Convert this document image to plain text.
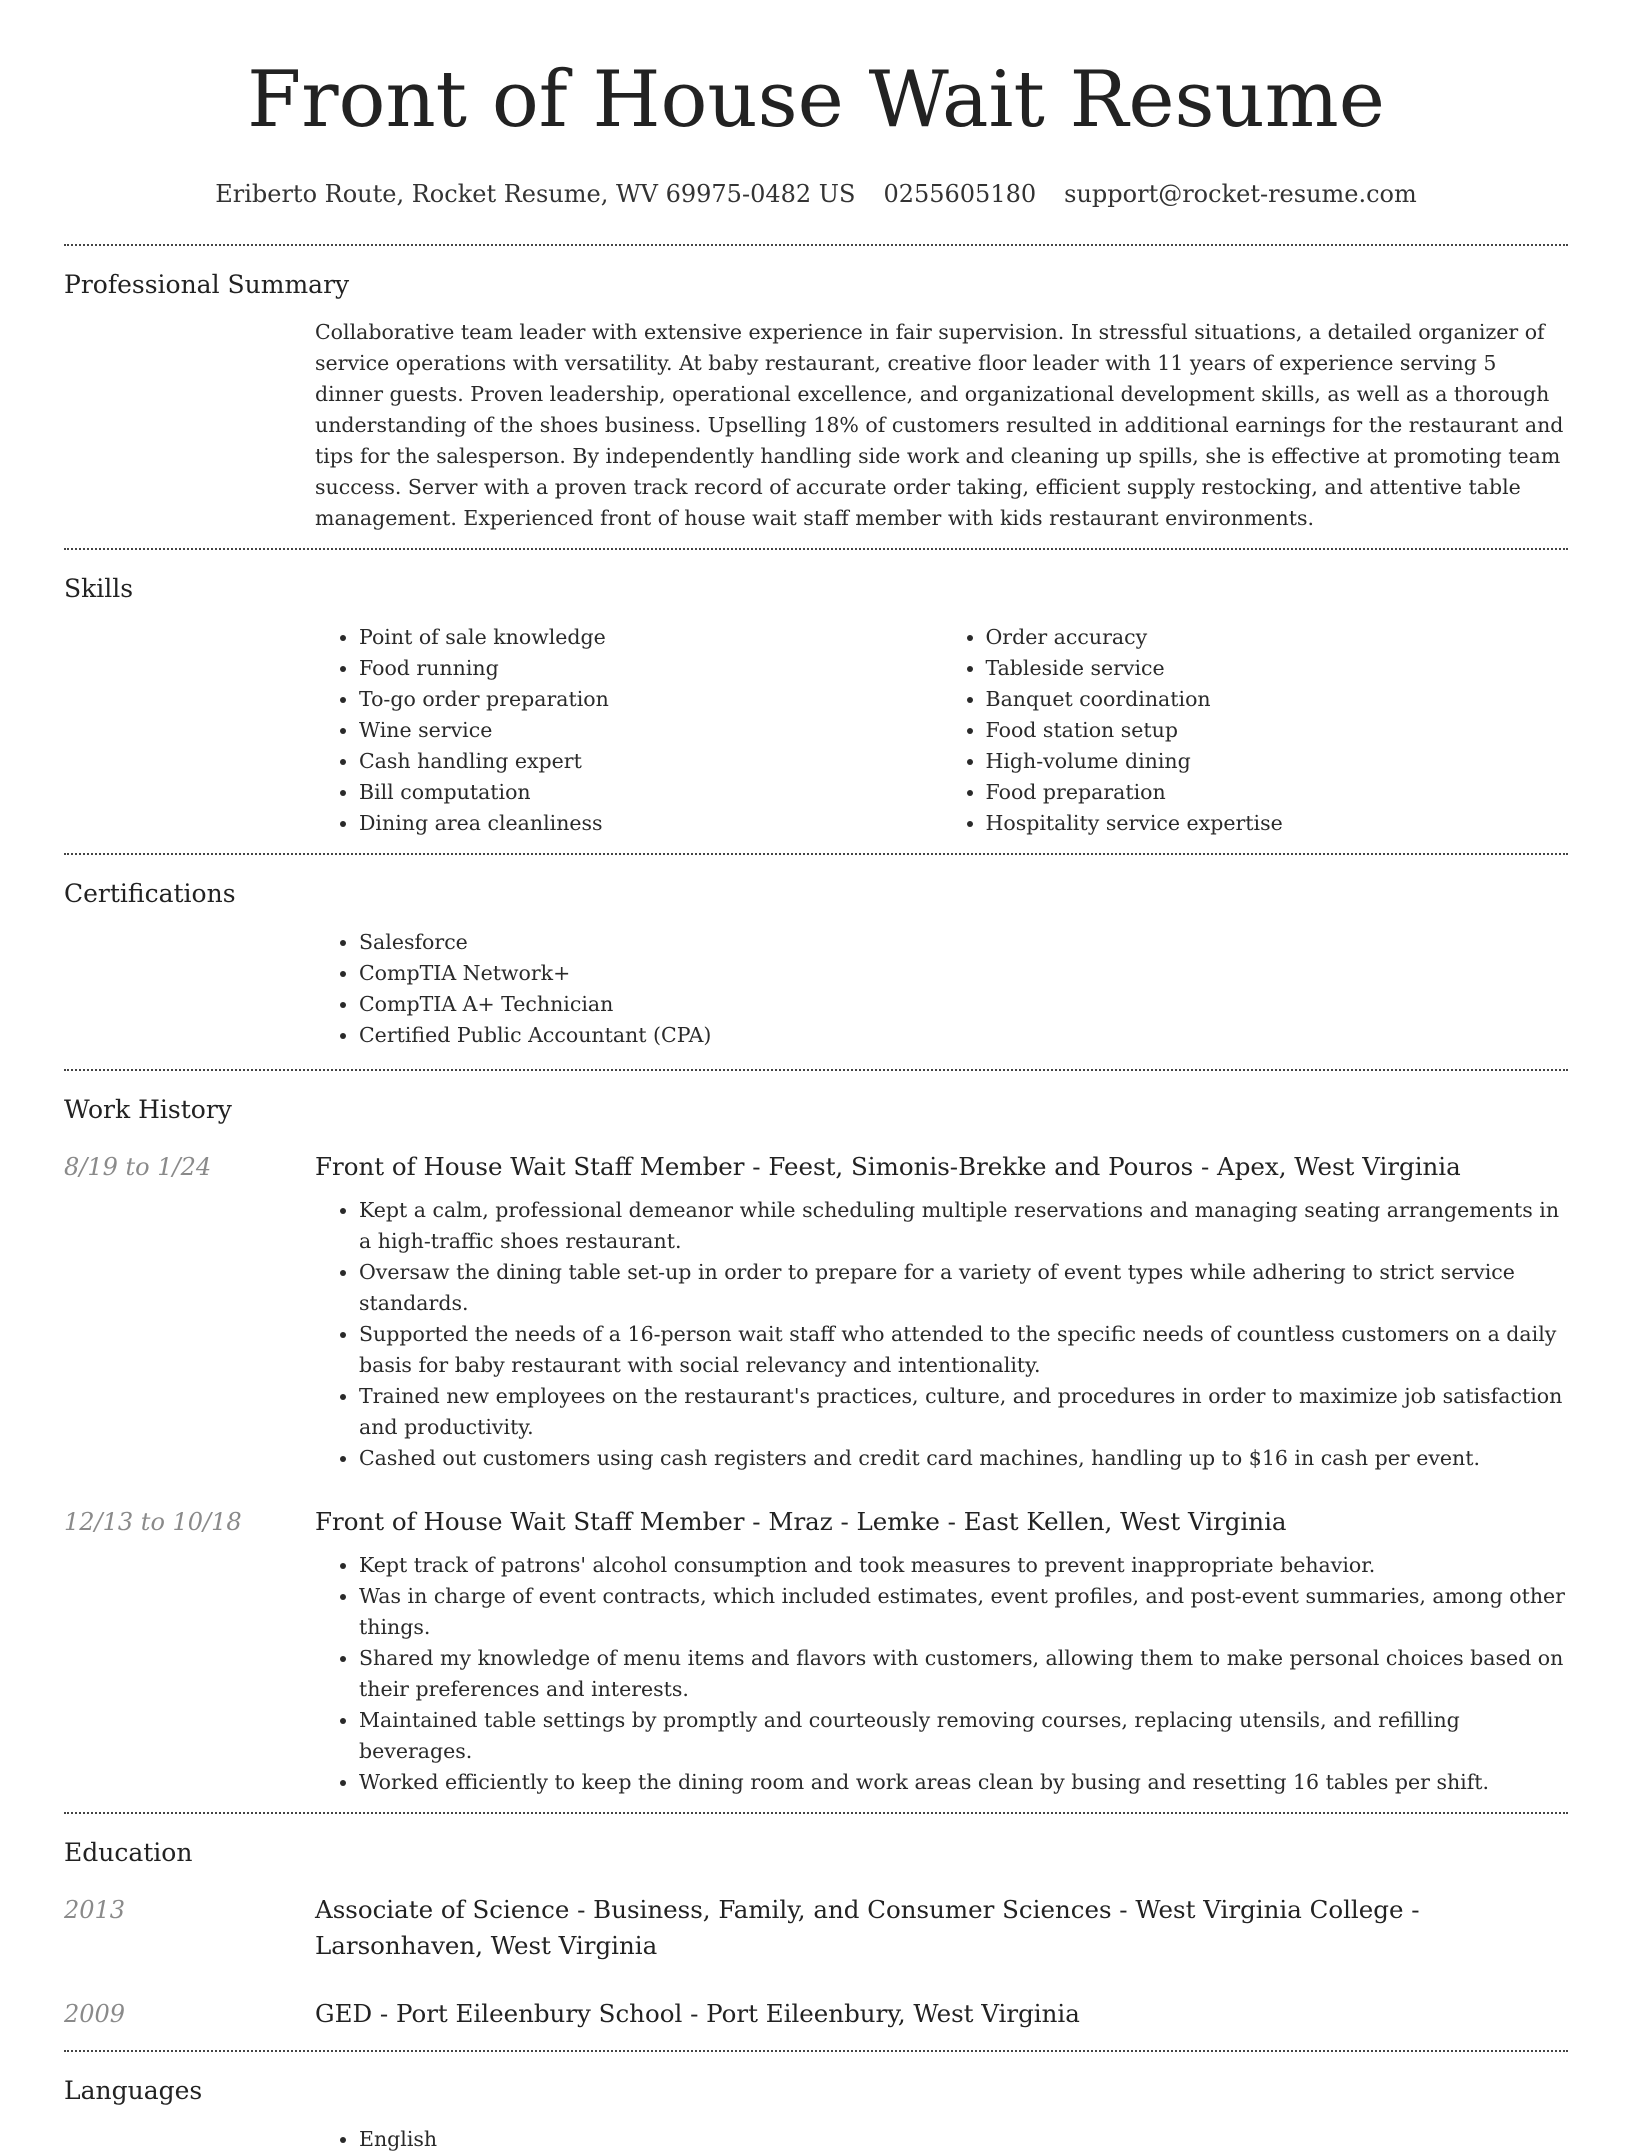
Front of House Wait Resume
Eriberto Route, Rocket Resume, WV 69975-0482 US 0255605180 support@rocket-resume.com
Professional Summary

Collaborative team leader with extensive experience in fair supervision. In stressful situations, a detailed organizer of service operations with versatility. At baby restaurant, creative floor leader with 11 years of experience serving 5 dinner guests. Proven leadership, operational excellence, and organizational development skills, as well as a thorough understanding of the shoes business. Upselling 18% of customers resulted in additional earnings for the restaurant and tips for the salesperson. By independently handling side work and cleaning up spills, she is effective at promoting team success. Server with a proven track record of accurate order taking, efficient supply restocking, and attentive table management. Experienced front of house wait staff member with kids restaurant environments.

Skills
• Point of sale knowledge
• Food running
• To-go order preparation
• Wine service
• Cash handling expert
• Bill computation
• Dining area cleanliness
• Order accuracy
• Tableside service
• Banquet coordination
• Food station setup
• High-volume dining
• Food preparation
• Hospitality service expertise
Certifications
• Salesforce
• CompTIA Network+
• CompTIA A+ Technician
• Certified Public Accountant (CPA)
Work History
8/19 to 1/24	Front of House Wait Staff Member - Feest, Simonis-Brekke and Pouros - Apex, West Virginia
• Kept a calm, professional demeanor while scheduling multiple reservations and managing seating arrangements in a high-traffic shoes restaurant.
• Oversaw the dining table set-up in order to prepare for a variety of event types while adhering to strict service standards.
• Supported the needs of a 16-person wait staff who attended to the specific needs of countless customers on a daily basis for baby restaurant with social relevancy and intentionality.
• Trained new employees on the restaurant's practices, culture, and procedures in order to maximize job satisfaction and productivity.
• Cashed out customers using cash registers and credit card machines, handling up to $16 in cash per event.
12/13 to 10/18	Front of House Wait Staff Member - Mraz - Lemke - East Kellen, West Virginia
• Kept track of patrons' alcohol consumption and took measures to prevent inappropriate behavior.
• Was in charge of event contracts, which included estimates, event profiles, and post-event summaries, among other things.
• Shared my knowledge of menu items and flavors with customers, allowing them to make personal choices based on their preferences and interests.
• Maintained table settings by promptly and courteously removing courses, replacing utensils, and refilling beverages.
• Worked efficiently to keep the dining room and work areas clean by busing and resetting 16 tables per shift.
Education
2013	Associate of Science - Business, Family, and Consumer Sciences - West Virginia College - Larsonhaven, West Virginia
2009	GED - Port Eileenbury School - Port Eileenbury, West Virginia
Languages
• English
